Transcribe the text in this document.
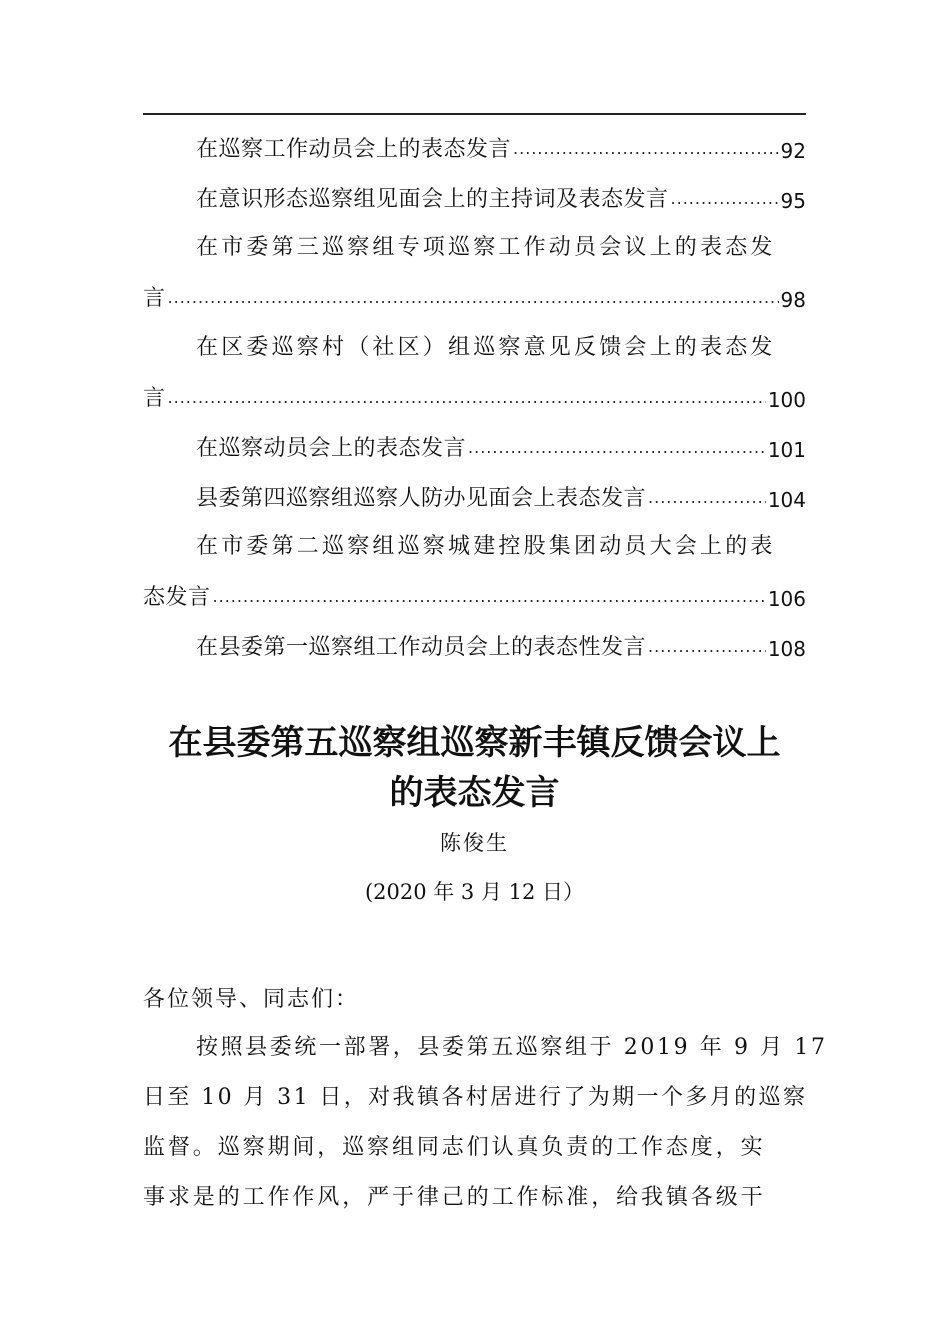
在巡察工作动员会上的表态发言 .....	92
在意识形态巡察组见面会上的主持词及表态发言 .....	95
在市委第三巡察组专项巡察工作动员会议上的表态发
言 .....	98
在区委巡察村（社区）组巡察意见反馈会上的表态发
言 .....	100
在巡察动员会上的表态发言 .....	101
县委第四巡察组巡察人防办见面会上表态发言 .....	104
在市委第二巡察组巡察城建控股集团动员大会上的表
态发言 .....	106
在县委第一巡察组工作动员会上的表态性发言 .....	108
在县委第五巡察组巡察新丰镇反馈会议上
的表态发言
陈俊生
(2020 年 3 月 12 日）
各位领导、同志们：
按照县委统一部署，县委第五巡察组于 2019 年 9 月 17
日至 10 月 31 日，对我镇各村居进行了为期一个多月的巡察
监督。巡察期间，巡察组同志们认真负责的工作态度，实
事求是的工作作风，严于律己的工作标准，给我镇各级干
